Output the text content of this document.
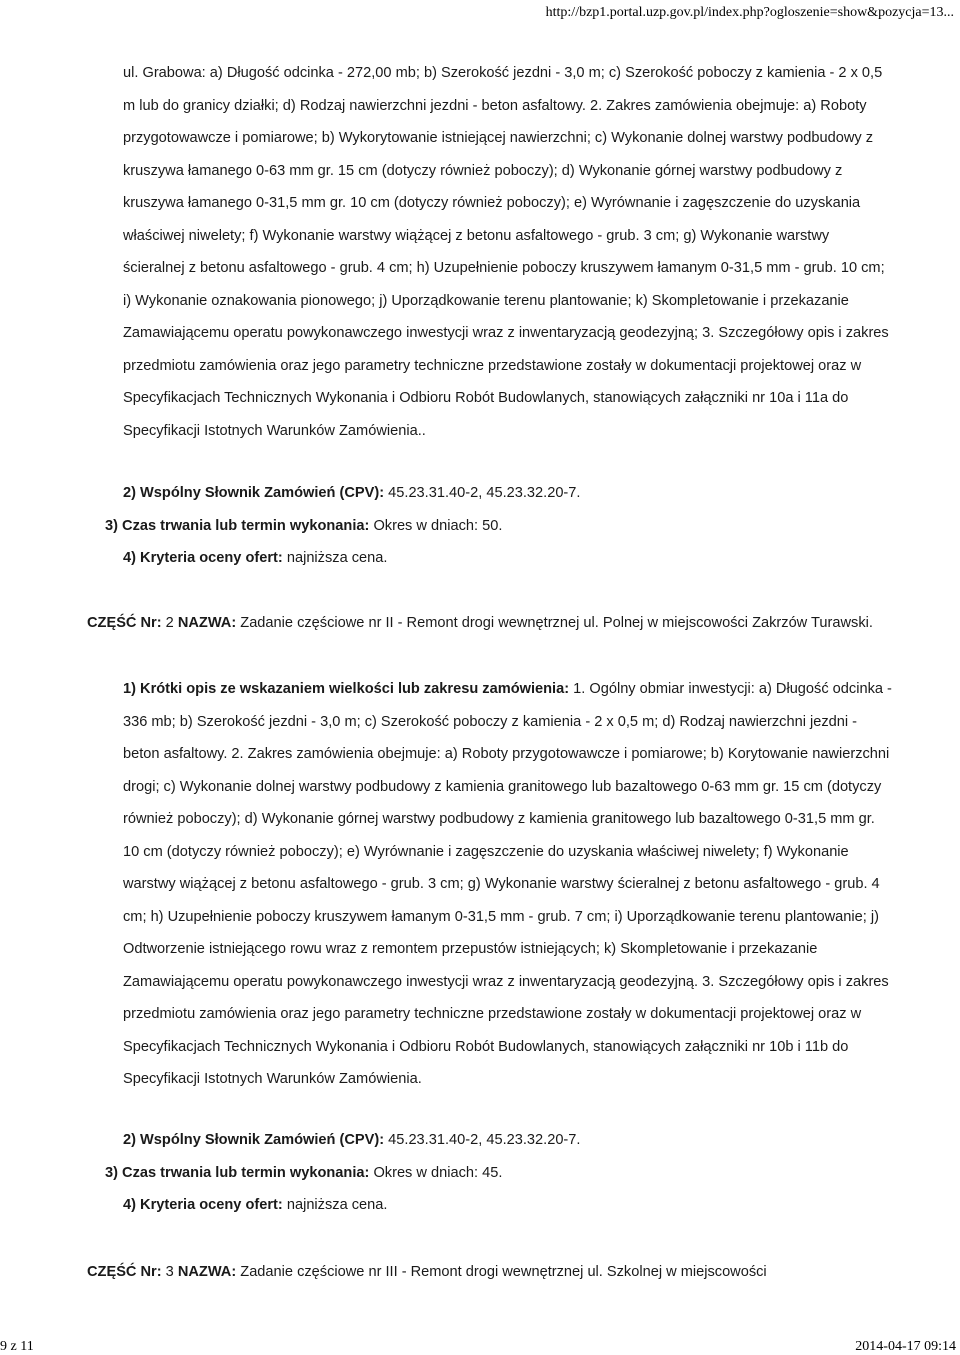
http://bzp1.portal.uzp.gov.pl/index.php?ogloszenie=show&pozycja=13...

ul. Grabowa: a) Długość odcinka - 272,00 mb; b) Szerokość jezdni - 3,0 m; c) Szerokość poboczy z kamienia - 2 x 0,5 m lub do granicy działki; d) Rodzaj nawierzchni jezdni - beton asfaltowy. 2. Zakres zamówienia obejmuje: a) Roboty przygotowawcze i pomiarowe; b) Wykorytowanie istniejącej nawierzchni; c) Wykonanie dolnej warstwy podbudowy z kruszywa łamanego 0-63 mm gr. 15 cm (dotyczy również poboczy); d) Wykonanie górnej warstwy podbudowy z kruszywa łamanego 0-31,5 mm gr. 10 cm (dotyczy również poboczy); e) Wyrównanie i zagęszczenie do uzyskania właściwej niwelety; f) Wykonanie warstwy wiążącej z betonu asfaltowego - grub. 3 cm; g) Wykonanie warstwy ścieralnej z betonu asfaltowego - grub. 4 cm; h) Uzupełnienie poboczy kruszywem łamanym 0-31,5 mm - grub. 10 cm; i) Wykonanie oznakowania pionowego; j) Uporządkowanie terenu plantowanie; k) Skompletowanie i przekazanie Zamawiającemu operatu powykonawczego inwestycji wraz z inwentaryzacją geodezyjną; 3. Szczegółowy opis i zakres przedmiotu zamówienia oraz jego parametry techniczne przedstawione zostały w dokumentacji projektowej oraz w Specyfikacjach Technicznych Wykonania i Odbioru Robót Budowlanych, stanowiących załączniki nr 10a i 11a do Specyfikacji Istotnych Warunków Zamówienia..

2) Wspólny Słownik Zamówień (CPV): 45.23.31.40-2, 45.23.32.20-7.
3) Czas trwania lub termin wykonania: Okres w dniach: 50.
4) Kryteria oceny ofert: najniższa cena.
CZĘŚĆ Nr: 2 NAZWA: Zadanie częściowe nr II - Remont drogi wewnętrznej ul. Polnej w miejscowości Zakrzów Turawski.

1) Krótki opis ze wskazaniem wielkości lub zakresu zamówienia: 1. Ogólny obmiar inwestycji: a) Długość odcinka - 336 mb; b) Szerokość jezdni - 3,0 m; c) Szerokość poboczy z kamienia - 2 x 0,5 m; d) Rodzaj nawierzchni jezdni - beton asfaltowy. 2. Zakres zamówienia obejmuje: a) Roboty przygotowawcze i pomiarowe; b) Korytowanie nawierzchni drogi; c) Wykonanie dolnej warstwy podbudowy z kamienia granitowego lub bazaltowego 0-63 mm gr. 15 cm (dotyczy również poboczy); d) Wykonanie górnej warstwy podbudowy z kamienia granitowego lub bazaltowego 0-31,5 mm gr. 10 cm (dotyczy również poboczy); e) Wyrównanie i zagęszczenie do uzyskania właściwej niwelety; f) Wykonanie warstwy wiążącej z betonu asfaltowego - grub. 3 cm; g) Wykonanie warstwy ścieralnej z betonu asfaltowego - grub. 4 cm; h) Uzupełnienie poboczy kruszywem łamanym 0-31,5 mm - grub. 7 cm; i) Uporządkowanie terenu plantowanie; j) Odtworzenie istniejącego rowu wraz z remontem przepustów istniejących; k) Skompletowanie i przekazanie Zamawiającemu operatu powykonawczego inwestycji wraz z inwentaryzacją geodezyjną. 3. Szczegółowy opis i zakres przedmiotu zamówienia oraz jego parametry techniczne przedstawione zostały w dokumentacji projektowej oraz w Specyfikacjach Technicznych Wykonania i Odbioru Robót Budowlanych, stanowiących załączniki nr 10b i 11b do Specyfikacji Istotnych Warunków Zamówienia.

2) Wspólny Słownik Zamówień (CPV): 45.23.31.40-2, 45.23.32.20-7.
3) Czas trwania lub termin wykonania: Okres w dniach: 45.
4) Kryteria oceny ofert: najniższa cena.
CZĘŚĆ Nr: 3 NAZWA: Zadanie częściowe nr III - Remont drogi wewnętrznej ul. Szkolnej w miejscowości
9 z 11	2014-04-17 09:14
